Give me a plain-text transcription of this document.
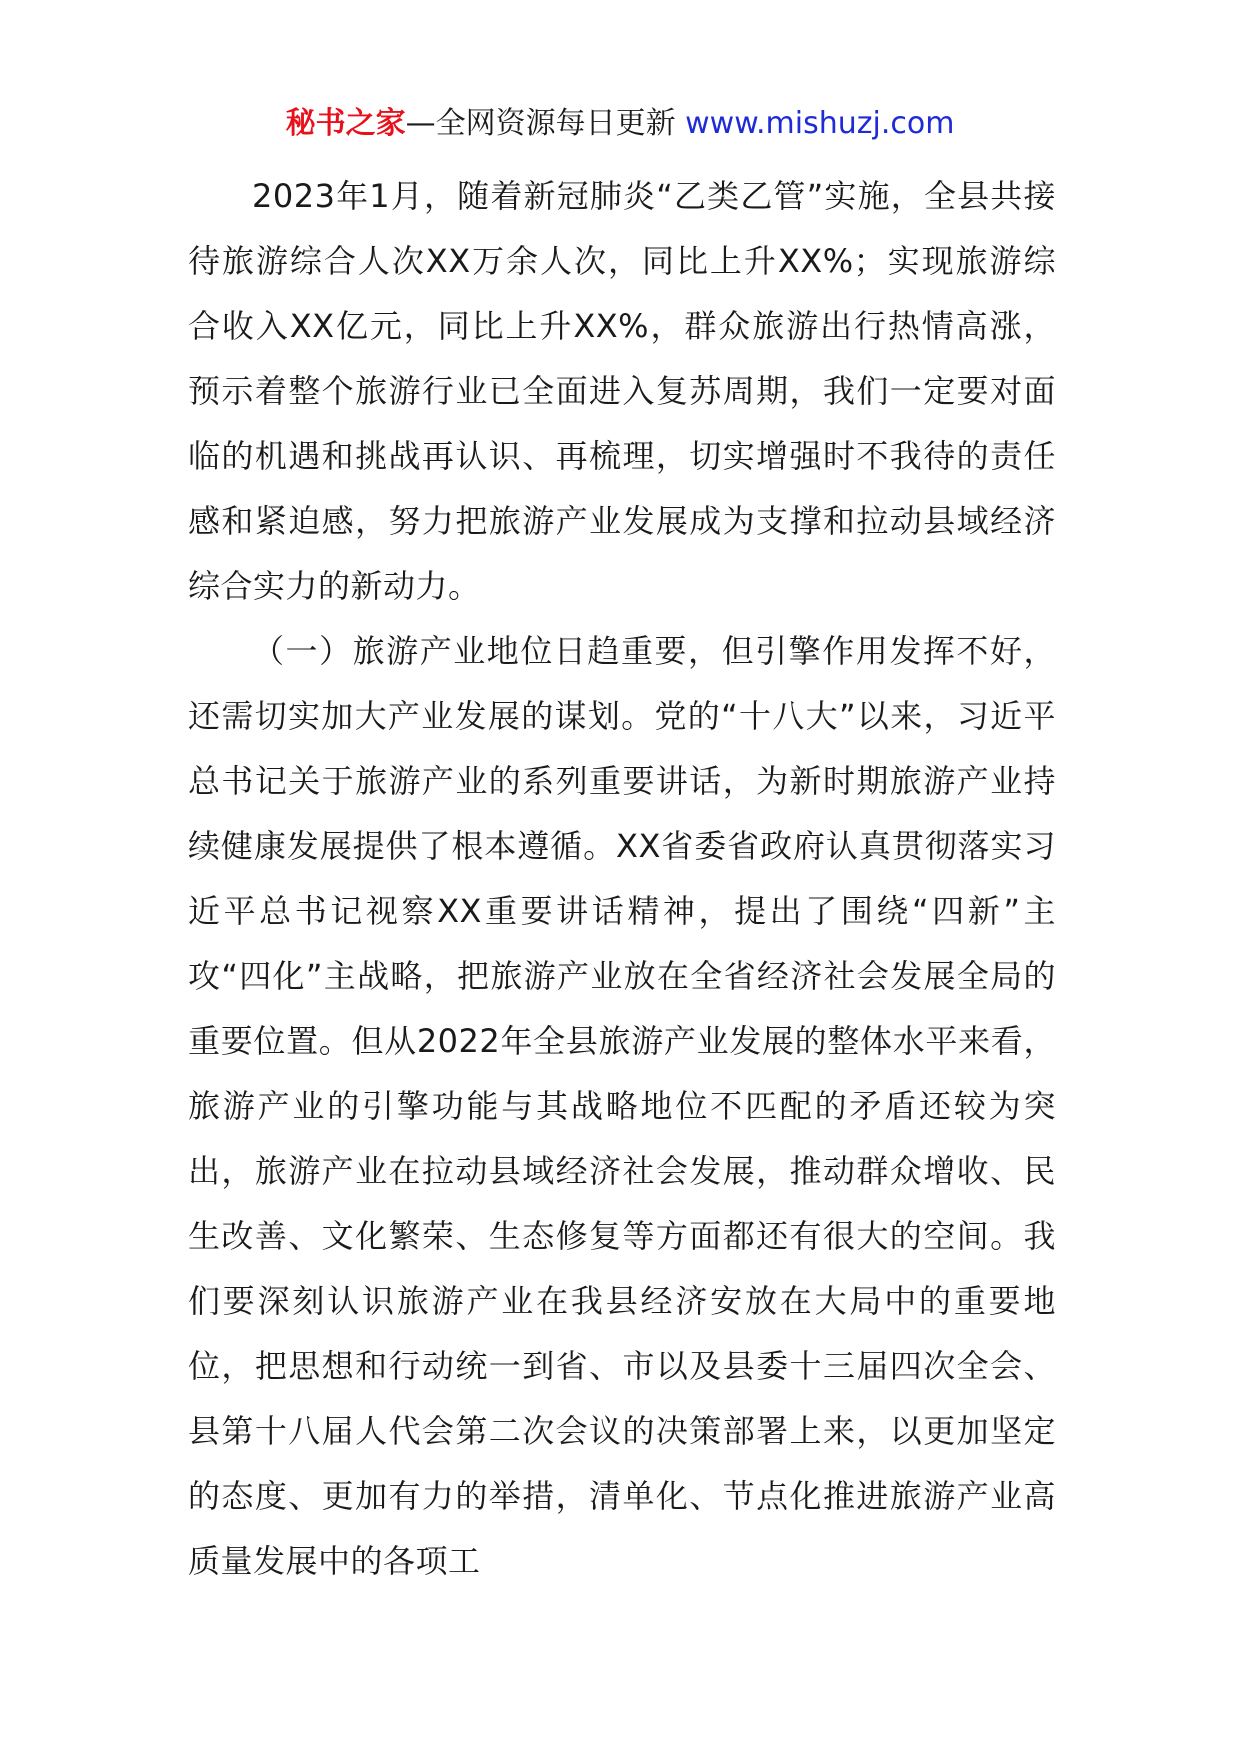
秘书之家—全网资源每日更新 www.mishuzj.com

2023年1月，随着新冠肺炎“乙类乙管”实施，全县共接待旅游综合人次XX万余人次，同比上升XX%；实现旅游综合收入XX亿元，同比上升XX%，群众旅游出行热情高涨，预示着整个旅游行业已全面进入复苏周期，我们一定要对面临的机遇和挑战再认识、再梳理，切实增强时不我待的责任感和紧迫感，努力把旅游产业发展成为支撑和拉动县域经济综合实力的新动力。

（一）旅游产业地位日趋重要，但引擎作用发挥不好，还需切实加大产业发展的谋划。党的“十八大”以来，习近平总书记关于旅游产业的系列重要讲话，为新时期旅游产业持续健康发展提供了根本遵循。XX省委省政府认真贯彻落实习近平总书记视察XX重要讲话精神，提出了围绕“四新”主攻“四化”主战略，把旅游产业放在全省经济社会发展全局的重要位置。但从2022年全县旅游产业发展的整体水平来看，旅游产业的引擎功能与其战略地位不匹配的矛盾还较为突出，旅游产业在拉动县域经济社会发展，推动群众增收、民生改善、文化繁荣、生态修复等方面都还有很大的空间。我们要深刻认识旅游产业在我县经济安放在大局中的重要地位，把思想和行动统一到省、市以及县委十三届四次全会、县第十八届人代会第二次会议的决策部署上来，以更加坚定的态度、更加有力的举措，清单化、节点化推进旅游产业高质量发展中的各项工
